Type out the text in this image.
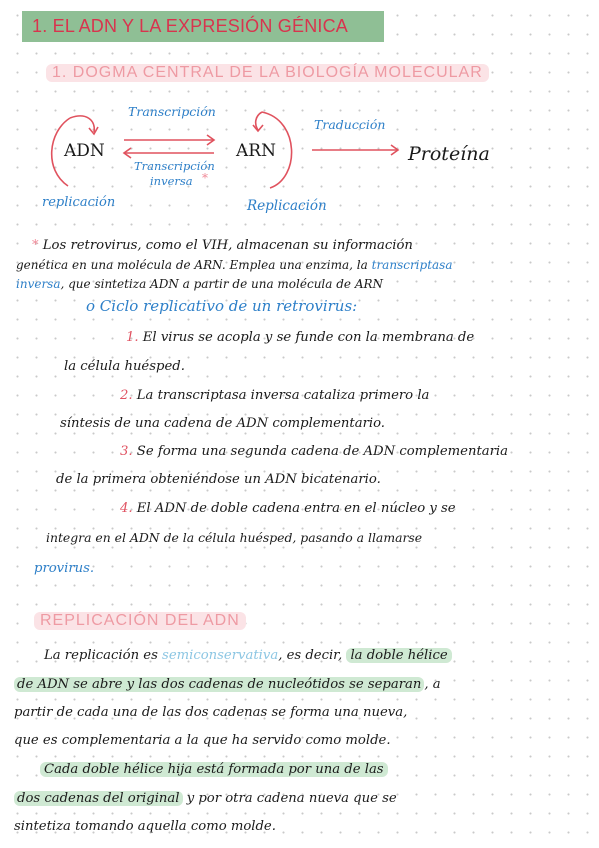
1. EL ADN Y LA EXPRESIÓN GÉNICA
1. DOGMA CENTRAL DE LA BIOLOGÍA MOLECULAR
ADN	ARN	Proteína
Transcripción
Transcripción
inversa *
Traducción
replicación	Replicación
* Los retrovirus, como el VIH, almacenan su información
genética en una molécula de ARN. Emplea una enzima, la transcriptasa
inversa, que sintetiza ADN a partir de una molécula de ARN
o Ciclo replicativo de un retrovirus:
1. El virus se acopla y se funde con la membrana de
la célula huésped.
2. La transcriptasa inversa cataliza primero la
síntesis de una cadena de ADN complementario.
3. Se forma una segunda cadena de ADN complementaria
de la primera obteniéndose un ADN bicatenario.
4. El ADN de doble cadena entra en el núcleo y se
integra en el ADN de la célula huésped, pasando a llamarse
provirus.
REPLICACIÓN DEL ADN
La replicación es semiconservativa, es decir, la doble hélice
de ADN se abre y las dos cadenas de nucleótidos se separan , a
partir de cada una de las dos cadenas se forma una nueva,
que es complementaria a la que ha servido como molde.
Cada doble hélice hija está formada por una de las
dos cadenas del original y por otra cadena nueva que se
sintetiza tomando aquella como molde.
